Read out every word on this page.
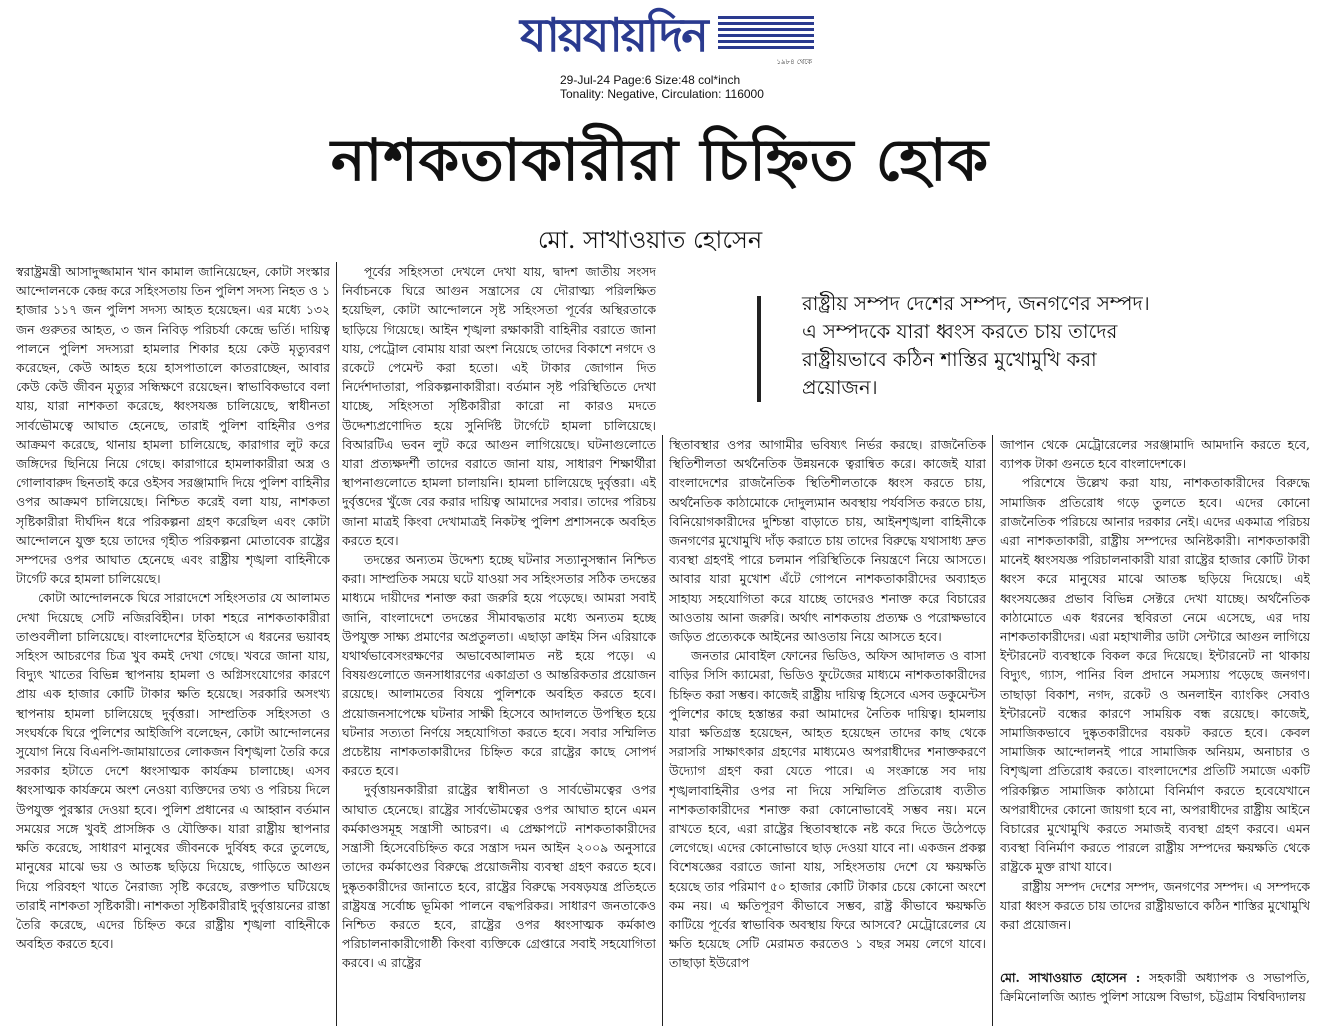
যায়যায়দিন	১৯৮৪ থেকে
29-Jul-24 Page:6 Size:48 col*inch
Tonality: Negative, Circulation: 116000
নাশকতাকারীরা চিহ্নিত হোক
মো. সাখাওয়াত হোসেন
রাষ্ট্রীয় সম্পদ দেশের সম্পদ, জনগণের সম্পদ। এ সম্পদকে যারা ধ্বংস করতে চায় তাদের রাষ্ট্রীয়ভাবে কঠিন শাস্তির মুখোমুখি করা প্রয়োজন।

স্বরাষ্ট্রমন্ত্রী আসাদুজ্জামান খান কামাল জানিয়েছেন, কোটা সংস্কার আন্দোলনকে কেন্দ্র করে সহিংসতায় তিন পুলিশ সদস্য নিহত ও ১ হাজার ১১৭ জন পুলিশ সদস্য আহত হয়েছেন। এর মধ্যে ১৩২ জন গুরুতর আহত, ৩ জন নিবিড় পরিচর্যা কেন্দ্রে ভর্তি। দায়িত্ব পালনে পুলিশ সদস্যরা হামলার শিকার হয়ে কেউ মৃত্যুবরণ করেছেন, কেউ আহত হয়ে হাসপাতালে কাতরাচ্ছেন, আবার কেউ কেউ জীবন মৃত্যুর সন্ধিক্ষণে রয়েছেন। স্বাভাবিকভাবে বলা যায়, যারা নাশকতা করেছে, ধ্বংসযজ্ঞ চালিয়েছে, স্বাধীনতা সার্বভৌমত্বে আঘাত হেনেছে, তারাই পুলিশ বাহিনীর ওপর আক্রমণ করেছে, থানায় হামলা চালিয়েছে, কারাগার লুট করে জঙ্গিদের ছিনিয়ে নিয়ে গেছে। কারাগারে হামলাকারীরা অস্ত্র ও গোলাবারুদ ছিনতাই করে ওইসব সরঞ্জামাদি দিয়ে পুলিশ বাহিনীর ওপর আক্রমণ চালিয়েছে। নিশ্চিত করেই বলা যায়, নাশকতা সৃষ্টিকারীরা দীর্ঘদিন ধরে পরিকল্পনা গ্রহণ করেছিল এবং কোটা আন্দোলনে যুক্ত হয়ে তাদের গৃহীত পরিকল্পনা মোতাবেক রাষ্ট্রের সম্পদের ওপর আঘাত হেনেছে এবং রাষ্ট্রীয় শৃঙ্খলা বাহিনীকে টার্গেট করে হামলা চালিয়েছে।

কোটা আন্দোলনকে ঘিরে সারাদেশে সহিংসতার যে আলামত দেখা দিয়েছে সেটি নজিরবিহীন। ঢাকা শহরে নাশকতাকারীরা তাণ্ডবলীলা চালিয়েছে। বাংলাদেশের ইতিহাসে এ ধরনের ভয়াবহ সহিংস আচরণের চিত্র খুব কমই দেখা গেছে। খবরে জানা যায়, বিদ্যুৎ খাতের বিভিন্ন স্থাপনায় হামলা ও অগ্নিসংযোগের কারণে প্রায় এক হাজার কোটি টাকার ক্ষতি হয়েছে। সরকারি অসংখ্য স্থাপনায় হামলা চালিয়েছে দুর্বৃত্তরা। সাম্প্রতিক সহিংসতা ও সংঘর্ষকে ঘিরে পুলিশের আইজিপি বলেছেন, কোটা আন্দোলনের সুযোগ নিয়ে বিএনপি-জামায়াতের লোকজন বিশৃঙ্খলা তৈরি করে সরকার হটাতে দেশে ধ্বংসাত্মক কার্যক্রম চালাচ্ছে। এসব ধ্বংসাত্মক কার্যক্রমে অংশ নেওয়া ব্যক্তিদের তথ্য ও পরিচয় দিলে উপযুক্ত পুরস্কার দেওয়া হবে। পুলিশ প্রধানের এ আহ্বান বর্তমান সময়ের সঙ্গে খুবই প্রাসঙ্গিক ও যৌক্তিক। যারা রাষ্ট্রীয় স্থাপনার ক্ষতি করেছে, সাধারণ মানুষের জীবনকে দুর্বিষহ করে তুলেছে, মানুষের মাঝে ভয় ও আতঙ্ক ছড়িয়ে দিয়েছে, গাড়িতে আগুন দিয়ে পরিবহণ খাতে নৈরাজ্য সৃষ্টি করেছে, রক্তপাত ঘটিয়েছে তারাই নাশকতা সৃষ্টিকারী। নাশকতা সৃষ্টিকারীরাই দুর্বৃত্তায়নের রাস্তা তৈরি করেছে, এদের চিহ্নিত করে রাষ্ট্রীয় শৃঙ্খলা বাহিনীকে অবহিত করতে হবে।

পূর্বের সহিংসতা দেখলে দেখা যায়, দ্বাদশ জাতীয় সংসদ নির্বাচনকে ঘিরে আগুন সন্ত্রাসের যে দৌরাত্ম্য পরিলক্ষিত হয়েছিল, কোটা আন্দোলনে সৃষ্ট সহিংসতা পূর্বের অস্থিরতাকে ছাড়িয়ে গিয়েছে। আইন শৃঙ্খলা রক্ষাকারী বাহিনীর বরাতে জানা যায়, পেট্রোল বোমায় যারা অংশ নিয়েছে তাদের বিকাশে নগদে ও রকেটে পেমেন্ট করা হতো। এই টাকার জোগান দিত নির্দেশদাতারা, পরিকল্পনাকারীরা। বর্তমান সৃষ্ট পরিস্থিতিতে দেখা যাচ্ছে, সহিংসতা সৃষ্টিকারীরা কারো না কারও মদতে উদ্দেশ্যপ্রণোদিত হয়ে সুনির্দিষ্ট টার্গেটে হামলা চালিয়েছে। বিআরটিএ ভবন লুট করে আগুন লাগিয়েছে। ঘটনাগুলোতে যারা প্রত্যক্ষদর্শী তাদের বরাতে জানা যায়, সাধারণ শিক্ষার্থীরা স্থাপনাগুলোতে হামলা চালায়নি। হামলা চালিয়েছে দুর্বৃত্তরা। এই দুর্বৃত্তদের খুঁজে বের করার দায়িত্ব আমাদের সবার। তাদের পরিচয় জানা মাত্রই কিংবা দেখামাত্রই নিকটস্থ পুলিশ প্রশাসনকে অবহিত করতে হবে।

তদন্তের অন্যতম উদ্দেশ্য হচ্ছে ঘটনার সত্যানুসন্ধান নিশ্চিত করা। সাম্প্রতিক সময়ে ঘটে যাওয়া সব সহিংসতার সঠিক তদন্তের মাধ্যমে দায়ীদের শনাক্ত করা জরুরি হয়ে পড়েছে। আমরা সবাই জানি, বাংলাদেশে তদন্তের সীমাবদ্ধতার মধ্যে অন্যতম হচ্ছে উপযুক্ত সাক্ষ্য প্রমাণের অপ্রতুলতা। এছাড়া ক্রাইম সিন এরিয়াকে যথার্থভাবেসংরক্ষণের অভাবেআলামত নষ্ট হয়ে পড়ে। এ বিষয়গুলোতে জনসাধারণের একাগ্রতা ও আন্তরিকতার প্রয়োজন রয়েছে। আলামতের বিষয়ে পুলিশকে অবহিত করতে হবে। প্রয়োজনসাপেক্ষে ঘটনার সাক্ষী হিসেবে আদালতে উপস্থিত হয়ে ঘটনার সত্যতা নির্ণয়ে সহযোগিতা করতে হবে। সবার সম্মিলিত প্রচেষ্টায় নাশকতাকারীদের চিহ্নিত করে রাষ্ট্রের কাছে সোপর্দ করতে হবে।

দুর্বৃত্তায়নকারীরা রাষ্ট্রের স্বাধীনতা ও সার্বভৌমত্বের ওপর আঘাত হেনেছে। রাষ্ট্রের সার্বভৌমত্বের ওপর আঘাত হানে এমন কর্মকাণ্ডসমূহ সন্ত্রাসী আচরণ। এ প্রেক্ষাপটে নাশকতাকারীদের সন্ত্রাসী হিসেবেচিহ্নিত করে সন্ত্রাস দমন আইন ২০০৯ অনুসারে তাদের কর্মকাণ্ডের বিরুদ্ধে প্রয়োজনীয় ব্যবস্থা গ্রহণ করতে হবে। দুষ্কৃতকারীদের জানাতে হবে, রাষ্ট্রের বিরুদ্ধে সবষড়যন্ত্র প্রতিহতে রাষ্ট্রযন্ত্র সর্বোচ্চ ভূমিকা পালনে বদ্ধপরিকর। সাধারণ জনতাকেও নিশ্চিত করতে হবে, রাষ্ট্রের ওপর ধ্বংসাত্মক কর্মকাণ্ড পরিচালনাকারীগোষ্ঠী কিংবা ব্যক্তিকে গ্রেপ্তারে সবাই সহযোগিতা করবে। এ রাষ্ট্রের

স্থিতাবস্থার ওপর আগামীর ভবিষ্যৎ নির্ভর করছে। রাজনৈতিক স্থিতিশীলতা অর্থনৈতিক উন্নয়নকে ত্বরান্বিত করে। কাজেই যারা বাংলাদেশের রাজনৈতিক স্থিতিশীলতাকে ধ্বংস করতে চায়, অর্থনৈতিক কাঠামোকে দোদুল্যমান অবস্থায় পর্যবসিত করতে চায়, বিনিয়োগকারীদের দুশ্চিন্তা বাড়াতে চায়, আইনশৃঙ্খলা বাহিনীকে জনগণের মুখোমুখি দাঁড় করাতে চায় তাদের বিরুদ্ধে যথাসাধ্য দ্রুত ব্যবস্থা গ্রহণই পারে চলমান পরিস্থিতিকে নিয়ন্ত্রণে নিয়ে আসতে। আবার যারা মুখোশ এঁটে গোপনে নাশকতাকারীদের অব্যাহত সাহায্য সহযোগিতা করে যাচ্ছে তাদেরও শনাক্ত করে বিচারের আওতায় আনা জরুরি। অর্থাৎ নাশকতায় প্রত্যক্ষ ও পরোক্ষভাবে জড়িত প্রত্যেককে আইনের আওতায় নিয়ে আসতে হবে।

জনতার মোবাইল ফোনের ভিডিও, অফিস আদালত ও বাসা বাড়ির সিসি ক্যামেরা, ভিডিও ফুটেজের মাধ্যমে নাশকতাকারীদের চিহ্নিত করা সম্ভব। কাজেই রাষ্ট্রীয় দায়িত্ব হিসেবে এসব ডকুমেন্টস পুলিশের কাছে হস্তান্তর করা আমাদের নৈতিক দায়িত্ব। হামলায় যারা ক্ষতিগ্রস্ত হয়েছেন, আহত হয়েছেন তাদের কাছ থেকে সরাসরি সাক্ষাৎকার গ্রহণের মাধ্যমেও অপরাধীদের শনাক্তকরণে উদ্যোগ গ্রহণ করা যেতে পারে। এ সংক্রান্তে সব দায় শৃঙ্খলাবাহিনীর ওপর না দিয়ে সম্মিলিত প্রতিরোধ ব্যতীত নাশকতাকারীদের শনাক্ত করা কোনোভাবেই সম্ভব নয়। মনে রাখতে হবে, এরা রাষ্ট্রের স্থিতাবস্থাকে নষ্ট করে দিতে উঠেপড়ে লেগেছে। এদের কোনোভাবে ছাড় দেওয়া যাবে না। একজন প্রকল্প বিশেষজ্ঞের বরাতে জানা যায়, সহিংসতায় দেশে যে ক্ষয়ক্ষতি হয়েছে তার পরিমাণ ৫০ হাজার কোটি টাকার চেয়ে কোনো অংশে কম নয়। এ ক্ষতিপূরণ কীভাবে সম্ভব, রাষ্ট্র কীভাবে ক্ষয়ক্ষতি কাটিয়ে পূর্বের স্বাভাবিক অবস্থায় ফিরে আসবে? মেট্রোরেলের যে ক্ষতি হয়েছে সেটি মেরামত করতেও ১ বছর সময় লেগে যাবে। তাছাড়া ইউরোপ

জাপান থেকে মেট্রোরেলের সরঞ্জামাদি আমদানি করতে হবে, ব্যাপক টাকা গুনতে হবে বাংলাদেশকে।

পরিশেষে উল্লেখ করা যায়, নাশকতাকারীদের বিরুদ্ধে সামাজিক প্রতিরোধ গড়ে তুলতে হবে। এদের কোনো রাজনৈতিক পরিচয়ে আনার দরকার নেই। এদের একমাত্র পরিচয় এরা নাশকতাকারী, রাষ্ট্রীয় সম্পদের অনিষ্টকারী। নাশকতাকারী মানেই ধ্বংসযজ্ঞ পরিচালনাকারী যারা রাষ্ট্রের হাজার কোটি টাকা ধ্বংস করে মানুষের মাঝে আতঙ্ক ছড়িয়ে দিয়েছে। এই ধ্বংসযজ্ঞের প্রভাব বিভিন্ন সেক্টরে দেখা যাচ্ছে। অর্থনৈতিক কাঠামোতে এক ধরনের স্থবিরতা নেমে এসেছে, এর দায় নাশকতাকারীদের। এরা মহাখালীর ডাটা সেন্টারে আগুন লাগিয়ে ইন্টারনেট ব্যবস্থাকে বিকল করে দিয়েছে। ইন্টারনেট না থাকায় বিদ্যুৎ, গ্যাস, পানির বিল প্রদানে সমস্যায় পড়েছে জনগণ। তাছাড়া বিকাশ, নগদ, রকেট ও অনলাইন ব্যাংকিং সেবাও ইন্টারনেট বন্ধের কারণে সাময়িক বন্ধ রয়েছে। কাজেই, সামাজিকভাবে দুষ্কৃতকারীদের বয়কট করতে হবে। কেবল সামাজিক আন্দোলনই পারে সামাজিক অনিয়ম, অনাচার ও বিশৃঙ্খলা প্রতিরোধ করতে। বাংলাদেশের প্রতিটি সমাজে একটি পরিকল্পিত সামাজিক কাঠামো বিনির্মাণ করতে হবেযেখানে অপরাধীদের কোনো জায়গা হবে না, অপরাধীদের রাষ্ট্রীয় আইনে বিচারের মুখোমুখি করতে সমাজই ব্যবস্থা গ্রহণ করবে। এমন ব্যবস্থা বিনির্মাণ করতে পারলে রাষ্ট্রীয় সম্পদের ক্ষয়ক্ষতি থেকে রাষ্ট্রকে মুক্ত রাখা যাবে।

রাষ্ট্রীয় সম্পদ দেশের সম্পদ, জনগণের সম্পদ। এ সম্পদকে যারা ধ্বংস করতে চায় তাদের রাষ্ট্রীয়ভাবে কঠিন শাস্তির মুখোমুখি করা প্রয়োজন।

মো. সাখাওয়াত হোসেন : সহকারী অধ্যাপক ও সভাপতি, ক্রিমিনোলজি অ্যান্ড পুলিশ সায়েন্স বিভাগ, চট্টগ্রাম বিশ্ববিদ্যালয়
